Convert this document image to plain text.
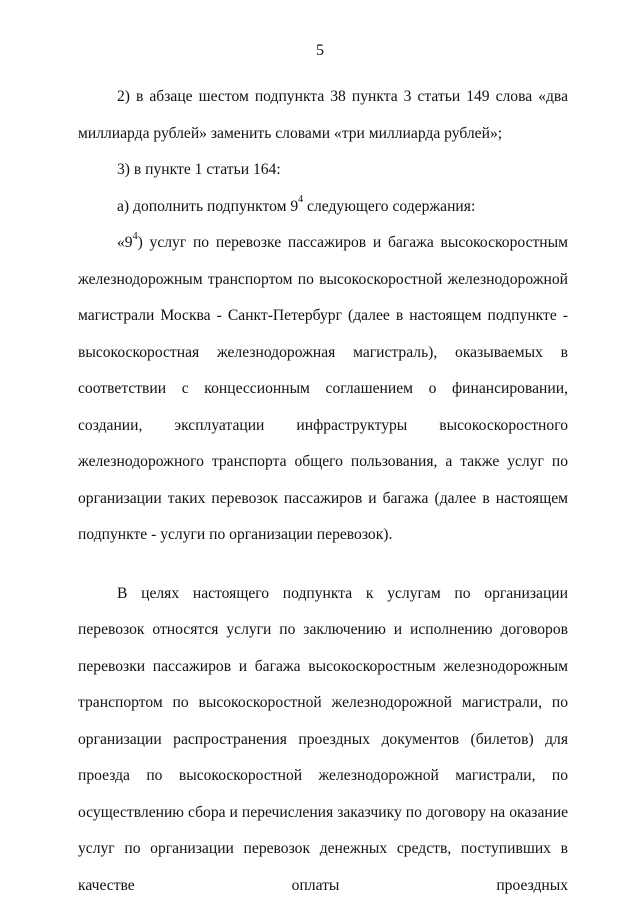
5

2) в абзаце шестом подпункта 38 пункта 3 статьи 149 слова «два миллиарда рублей» заменить словами «три миллиарда рублей»;

3) в пункте 1 статьи 164:

а) дополнить подпунктом $9^4$ следующего содержания:

«$9^4$) услуг по перевозке пассажиров и багажа высокоскоростным железнодорожным транспортом по высокоскоростной железнодорожной магистрали Москва - Санкт-Петербург (далее в настоящем подпункте - высокоскоростная железнодорожная магистраль), оказываемых в соответствии с концессионным соглашением о финансировании, создании, эксплуатации инфраструктуры высокоскоростного железнодорожного транспорта общего пользования, а также услуг по организации таких перевозок пассажиров и багажа (далее в настоящем подпункте - услуги по организации перевозок).

В целях настоящего подпункта к услугам по организации перевозок относятся услуги по заключению и исполнению договоров перевозки пассажиров и багажа высокоскоростным железнодорожным транспортом по высокоскоростной железнодорожной магистрали, по организации распространения проездных документов (билетов) для проезда по высокоскоростной железнодорожной магистрали, по осуществлению сбора и перечисления заказчику по договору на оказание услуг по организации перевозок денежных средств, поступивших в качестве оплаты проездных
